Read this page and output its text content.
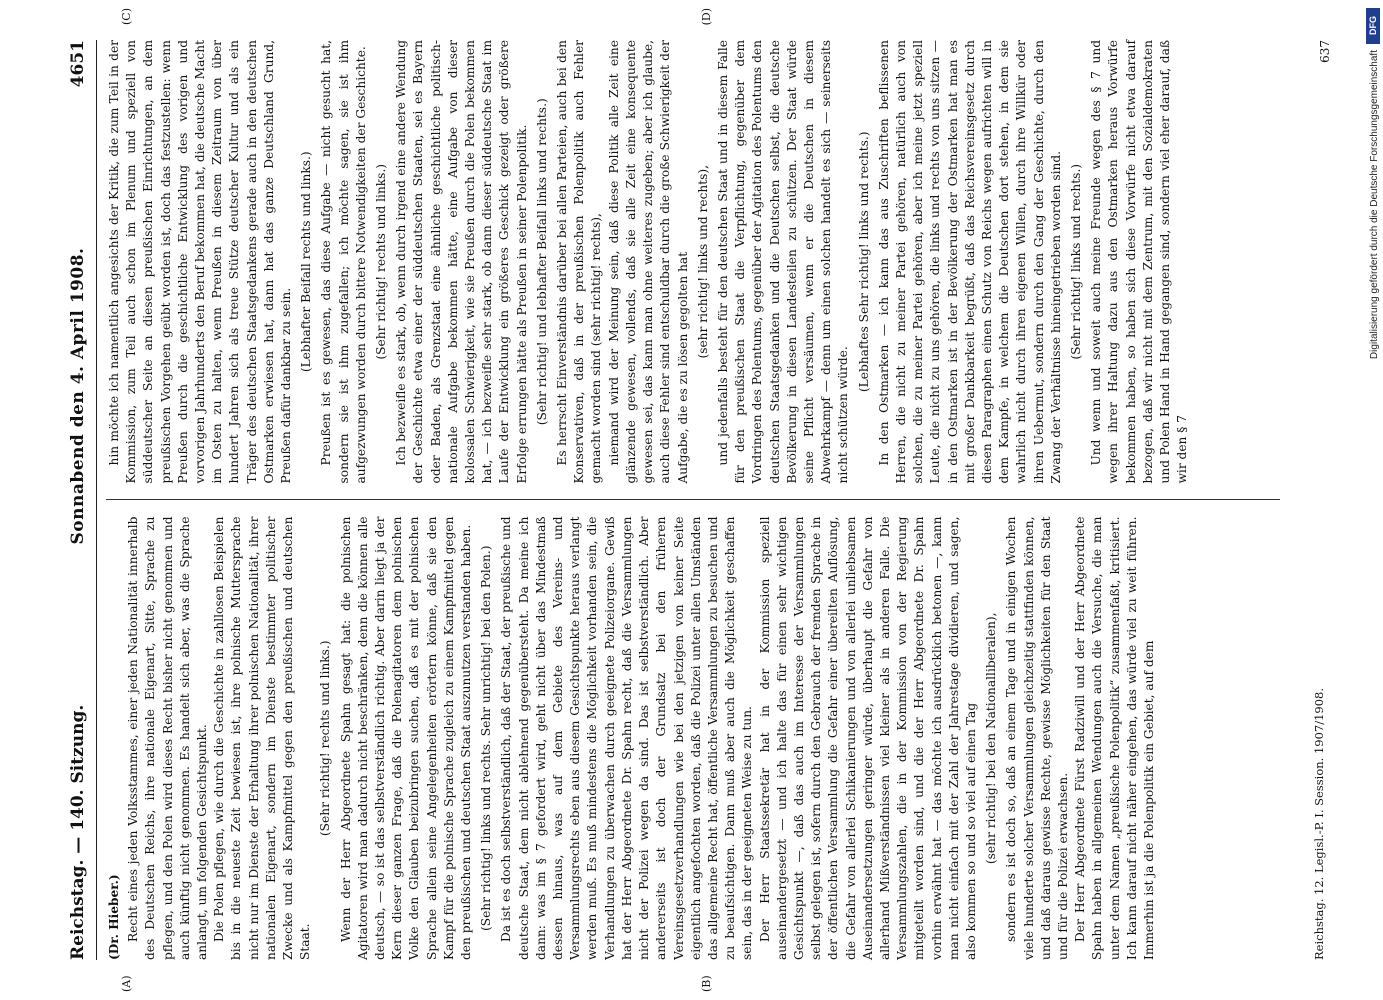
Reichstag. — 140. Sitzung.
Sonnabend den 4. April 1908.
4651

(Dr. Hieber.) Recht eines jeden Volksstammes, einer jeden Nationalität innerhalb des Deutschen Reichs, ihre nationale Eigenart, Sitte, Sprache zu pflegen, und den Polen wird dieses Recht bisher nicht genommen und auch künftig nicht genommen. Es handelt sich aber, was die Sprache anlangt, um folgenden Gesichtspunkt. Die Polen pflegen, wie durch die Geschichte in zahllosen Beispielen bis in die neueste Zeit bewiesen ist, ihre polnische Muttersprache nicht nur im Dienste der Erhaltung ihrer polnischen Nationalität, ihrer nationalen Eigenart, sondern im Dienste bestimmter politischer Zwecke und als Kampfmittel gegen den preußischen und deutschen Staat.

(Sehr richtig! rechts und links.) Wenn der Herr Abgeordnete Spahn gesagt hat: die polnischen Agitatoren wird man dadurch nicht beschränken, denn die können alle deutsch, — so ist das selbstverständlich richtig. Aber darin liegt ja der Kern dieser ganzen Frage, daß die Polenagitatoren dem polnischen Volke den Glauben beizubringen suchen, daß es mit der polnischen Sprache allein seine Angelegenheiten erörtern könne, daß sie den Kampf für die polnische Sprache zugleich zu einem Kampfmittel gegen den preußischen und deutschen Staat auszunutzen verstanden haben. (Sehr richtig! links und rechts. Sehr unrichtig! bei den Polen.) Da ist es doch selbstverständlich, daß der Staat, der preußische und deutsche Staat, dem nicht ablehnend gegenübersteht. Da meine ich dann: was im § 7 gefordert wird, geht nicht über das Mindestmaß dessen hinaus, was auf dem Gebiete des Vereins- und Versammlungsrechts eben aus diesem Gesichtspunkte heraus verlangt werden muß. Es muß mindestens die Möglichkeit vorhanden sein, die Verhandlungen zu überwachen durch geeignete Polizeiorgane. Gewiß hat der Herr Abgeordnete Dr. Spahn recht, daß die Versammlungen nicht der Polizei wegen da sind. Das ist selbstverständlich. Aber andererseits ist doch der Grundsatz bei den früheren Vereinsgesetzverhandlungen wie bei den jetzigen von keiner Seite eigentlich angefochten worden, daß die Polizei unter allen Umständen das allgemeine Recht hat, öffentliche Versammlungen zu besuchen und zu beaufsichtigen. Dann muß aber auch die Möglichkeit geschaffen sein, das in der geeigneten Weise zu tun. Der Herr Staatssekretär hat in der Kommission speziell auseinandergesetzt — und ich halte das für einen sehr wichtigen Gesichtspunkt —, daß das auch im Interesse der Versammlungen selbst gelegen ist, sofern durch den Gebrauch der fremden Sprache in der öffentlichen Versammlung die Gefahr einer übereilten Auflösung, die Gefahr von allerlei Schikanierungen und von allerlei unliebsamen Auseinandersetzungen geringer würde, überhaupt die Gefahr von allerhand Mißverständnissen viel kleiner als in anderen Falle. Die Versammlungszahlen, die in der Kommission von der Regierung mitgeteilt worden sind, und die der Herr Abgeordnete Dr. Spahn vorhin erwähnt hat — das möchte ich ausdrücklich betonen —, kann man nicht einfach mit der Zahl der Jahrestage dividieren, und sagen, also kommen so und so viel auf einen Tag (sehr richtig! bei den Nationalliberalen), sondern es ist doch so, daß an einem Tage und in einigen Wochen viele hunderte solcher Versammlungen gleichzeitig stattfinden können, und daß daraus gewisse Rechte, gewisse Möglichkeiten für den Staat und für die Polizei erwachsen. Der Herr Abgeordnete Fürst Radziwill und der Herr Abgeordnete Spahn haben in allgemeinen Wendungen auch die Versuche, die man unter dem Namen „preußische Polenpolitik“ zusammenfaßt, kritisiert. Ich kann darauf nicht näher eingehen, das würde viel zu weit führen. Immerhin ist ja die Polenpolitik ein Gebiet, auf dem

hin möchte ich namentlich angesichts der Kritik, die zum Teil in der Kommission, zum Teil auch schon im Plenum und speziell von süddeutscher Seite an diesen preußischen Einrichtungen, an dem preußischen Vorgehen geübt worden ist, doch das festzustellen: wenn Preußen durch die geschichtliche Entwicklung des vorigen und vorvorigen Jahrhunderts den Beruf bekommen hat, die deutsche Macht im Osten zu halten, wenn Preußen in diesem Zeitraum von über hundert Jahren sich als treue Stütze deutscher Kultur und als ein Träger des deutschen Staatsgedankens gerade auch in den deutschen Ostmarken erwiesen hat, dann hat das ganze Deutschland Grund, Preußen dafür dankbar zu sein.

(Lebhafter Beifall rechts und links.) Preußen ist es gewesen, das diese Aufgabe — nicht gesucht hat, sondern sie ist ihm zugefallen; ich möchte sagen, sie ist ihm aufgezwungen worden durch bittere Notwendigkeiten der Geschichte. (Sehr richtig! rechts und links.) Ich bezweifle es stark, ob, wenn durch irgend eine andere Wendung der Geschichte etwa einer der süddeutschen Staaten, sei es Bayern oder Baden, als Grenzstaat eine ähnliche geschichtliche politisch-nationale Aufgabe bekommen hätte, eine Aufgabe von dieser kolossalen Schwierigkeit, wie sie Preußen durch die Polen bekommen hat, — ich bezweifle sehr stark, ob dann dieser süddeutsche Staat im Laufe der Entwicklung ein größeres Geschick gezeigt oder größere Erfolge errungen hätte als Preußen in seiner Polenpolitik. (Sehr richtig! und lebhafter Beifall links und rechts.) Es herrscht Einverständnis darüber bei allen Parteien, auch bei den Konservativen, daß in der preußischen Polenpolitik auch Fehler gemacht worden sind (sehr richtig! rechts), niemand wird der Meinung sein, daß diese Politik alle Zeit eine glänzende gewesen, vollends, daß sie alle Zeit eine konsequente gewesen sei, das kann man ohne weiteres zugeben; aber ich glaube, auch diese Fehler sind entschuldbar durch die große Schwierigkeit der Aufgabe, die es zu lösen gegolten hat (sehr richtig! links und rechts), und jedenfalls besteht für den deutschen Staat und in diesem Falle für den preußischen Staat die Verpflichtung, gegenüber dem Vordringen des Polentums, gegenüber der Agitation des Polentums den deutschen Staatsgedanken und die Deutschen selbst, die deutsche Bevölkerung in diesen Landesteilen zu schützen. Der Staat würde seine Pflicht versäumen, wenn er die Deutschen in diesem Abwehrkampf — denn um einen solchen handelt es sich — seinerseits nicht schützen würde.

(Lebhaftes Sehr richtig! links und rechts.) In den Ostmarken — ich kann das aus Zuschriften beflissenen Herren, die nicht zu meiner Partei gehören, natürlich auch von solchen, die zu meiner Partei gehören, aber ich meine jetzt speziell Leute, die nicht zu uns gehören, die links und rechts von uns sitzen — in den Ostmarken ist in der Bevölkerung der Ostmarken hat man es mit großer Dankbarkeit begrüßt, daß das Reichsvereinsgesetz durch diesen Paragraphen einen Schutz von Reichs wegen aufrichten will in dem Kampfe, in welchem die Deutschen dort stehen, in dem sie wahrlich nicht durch ihren eigenen Willen, durch ihre Willkür oder ihren Uebermut, sondern durch den Gang der Geschichte, durch den Zwang der Verhältnisse hineingetrieben worden sind. (Sehr richtig! links und rechts.) Und wenn und soweit auch meine Freunde wegen des § 7 und wegen ihrer Haltung dazu aus den Ostmarken heraus Vorwürfe bekommen haben, so haben sich diese Vorwürfe nicht etwa darauf bezogen, daß wir nicht mit dem Zentrum, mit den Sozialdemokraten und Polen Hand in Hand gegangen sind, sondern viel eher darauf, daß wir den § 7

(A)	(B)
(C)	(D)
Reichstag. 12. Legisl.-P. I. Session. 1907/1908.
637
DFG
Digitalisierung gefördert durch die Deutsche Forschungsgemeinschaft
